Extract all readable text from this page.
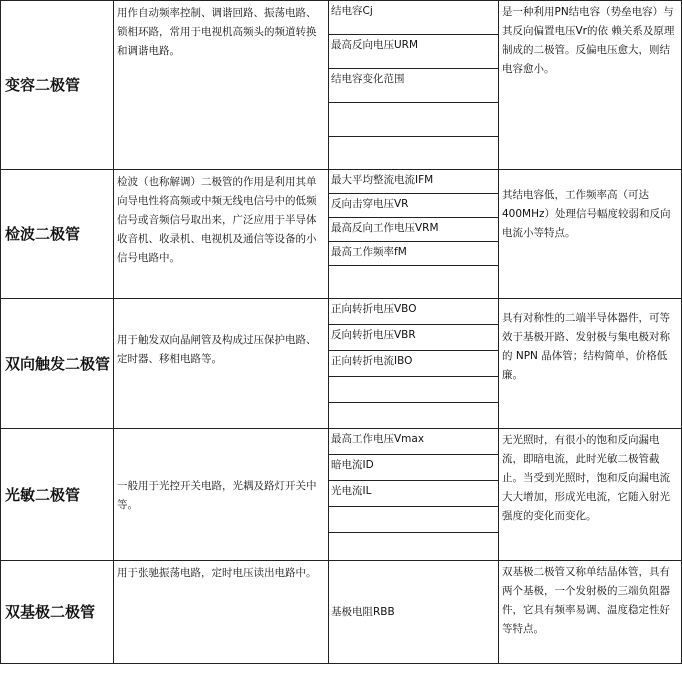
变容二极管	用作自动频率控制、调谐回路、振荡电路、锁相环路，常用于电视机高频头的频道转换和调谐电路。	结电容Cj	是一种利用PN结电容（势垒电容）与其反向偏置电压Vr的依 赖关系及原理制成的二极管。反偏电压愈大，则结电容愈小。
		最高反向电压URM	
		结电容变化范围	

检波二极管	检波（也称解调）二极管的作用是利用其单向导电性将高频或中频无线电信号中的低频信号或音频信号取出来，广泛应用于半导体收音机、收录机、电视机及通信等设备的小信号电路中。	最大平均整流电流IFM	其结电容低，工作频率高（可达400MHz）处理信号幅度较弱和反向电流小等特点。
		反向击穿电压VR	
		最高反向工作电压VRM	
		最高工作频率fM	

双向触发二极管	用于触发双向晶闸管及构成过压保护电路、定时器、移相电路等。	正向转折电压VBO	具有对称性的二端半导体器件，可等效于基极开路、发射极与集电极对称的 NPN 晶体管；结构简单，价格低廉。
		反向转折电压VBR	
		正向转折电流IBO	

光敏二极管	一般用于光控开关电路，光耦及路灯开关中等。	最高工作电压Vmax	无光照时，有很小的饱和反向漏电流，即暗电流，此时光敏二极管截止。当受到光照时，饱和反向漏电流大大增加，形成光电流，它随入射光强度的变化而变化。
		暗电流ID	
		光电流IL	

双基极二极管	用于张驰振荡电路，定时电压读出电路中。	基极电阻RBB	双基极二极管又称单结晶体管，具有两个基极，一个发射极的三端负阻器件，它具有频率易调、温度稳定性好等特点。
